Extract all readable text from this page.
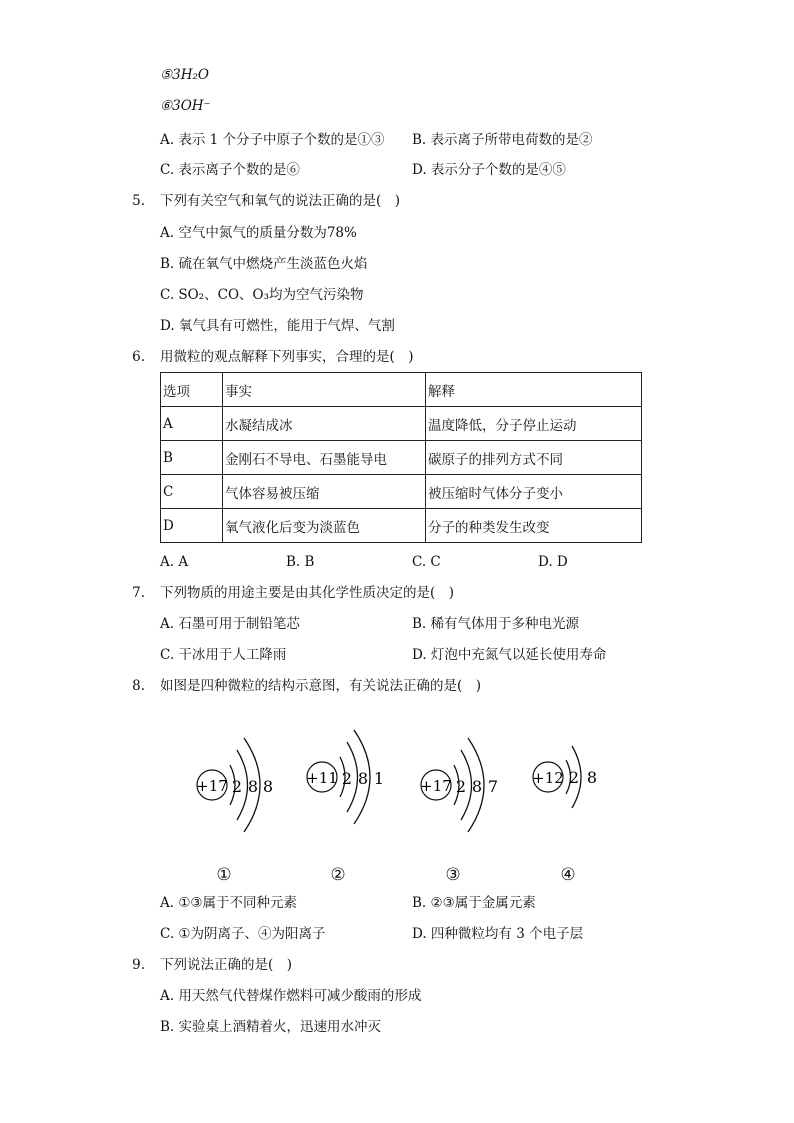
⑤3H₂O
⑥3OH⁻
A. 表示 1 个分子中原子个数的是①③ B. 表示离子所带电荷数的是②
C. 表示离子个数的是⑥	D. 表示分子个数的是④⑤
5. 下列有关空气和氧气的说法正确的是(　)
A. 空气中氮气的质量分数为78%
B. 硫在氧气中燃烧产生淡蓝色火焰
C. SO₂、CO、O₃均为空气污染物
D. 氧气具有可燃性，能用于气焊、气割
6. 用微粒的观点解释下列事实，合理的是(　)
选项	事实	解释
A	水凝结成冰	温度降低，分子停止运动
B	金刚石不导电、石墨能导电	碳原子的排列方式不同
C	气体容易被压缩	被压缩时气体分子变小
D	氧气液化后变为淡蓝色	分子的种类发生改变
A. A	B. B	C. C	D. D
7. 下列物质的用途主要是由其化学性质决定的是(　)
A. 石墨可用于制铅笔芯	B. 稀有气体用于多种电光源
C. 干冰用于人工降雨	D. 灯泡中充氮气以延长使用寿命
8. 如图是四种微粒的结构示意图，有关说法正确的是(　)
+17 2 8 8 +11 2 8 1 +17 2 8 7 +12 2 8
①	②	③	④
A. ①③属于不同种元素	B. ②③属于金属元素
C. ①为阴离子、④为阳离子	D. 四种微粒均有 3 个电子层
9. 下列说法正确的是(　)
A. 用天然气代替煤作燃料可减少酸雨的形成
B. 实验桌上酒精着火，迅速用水冲灭
